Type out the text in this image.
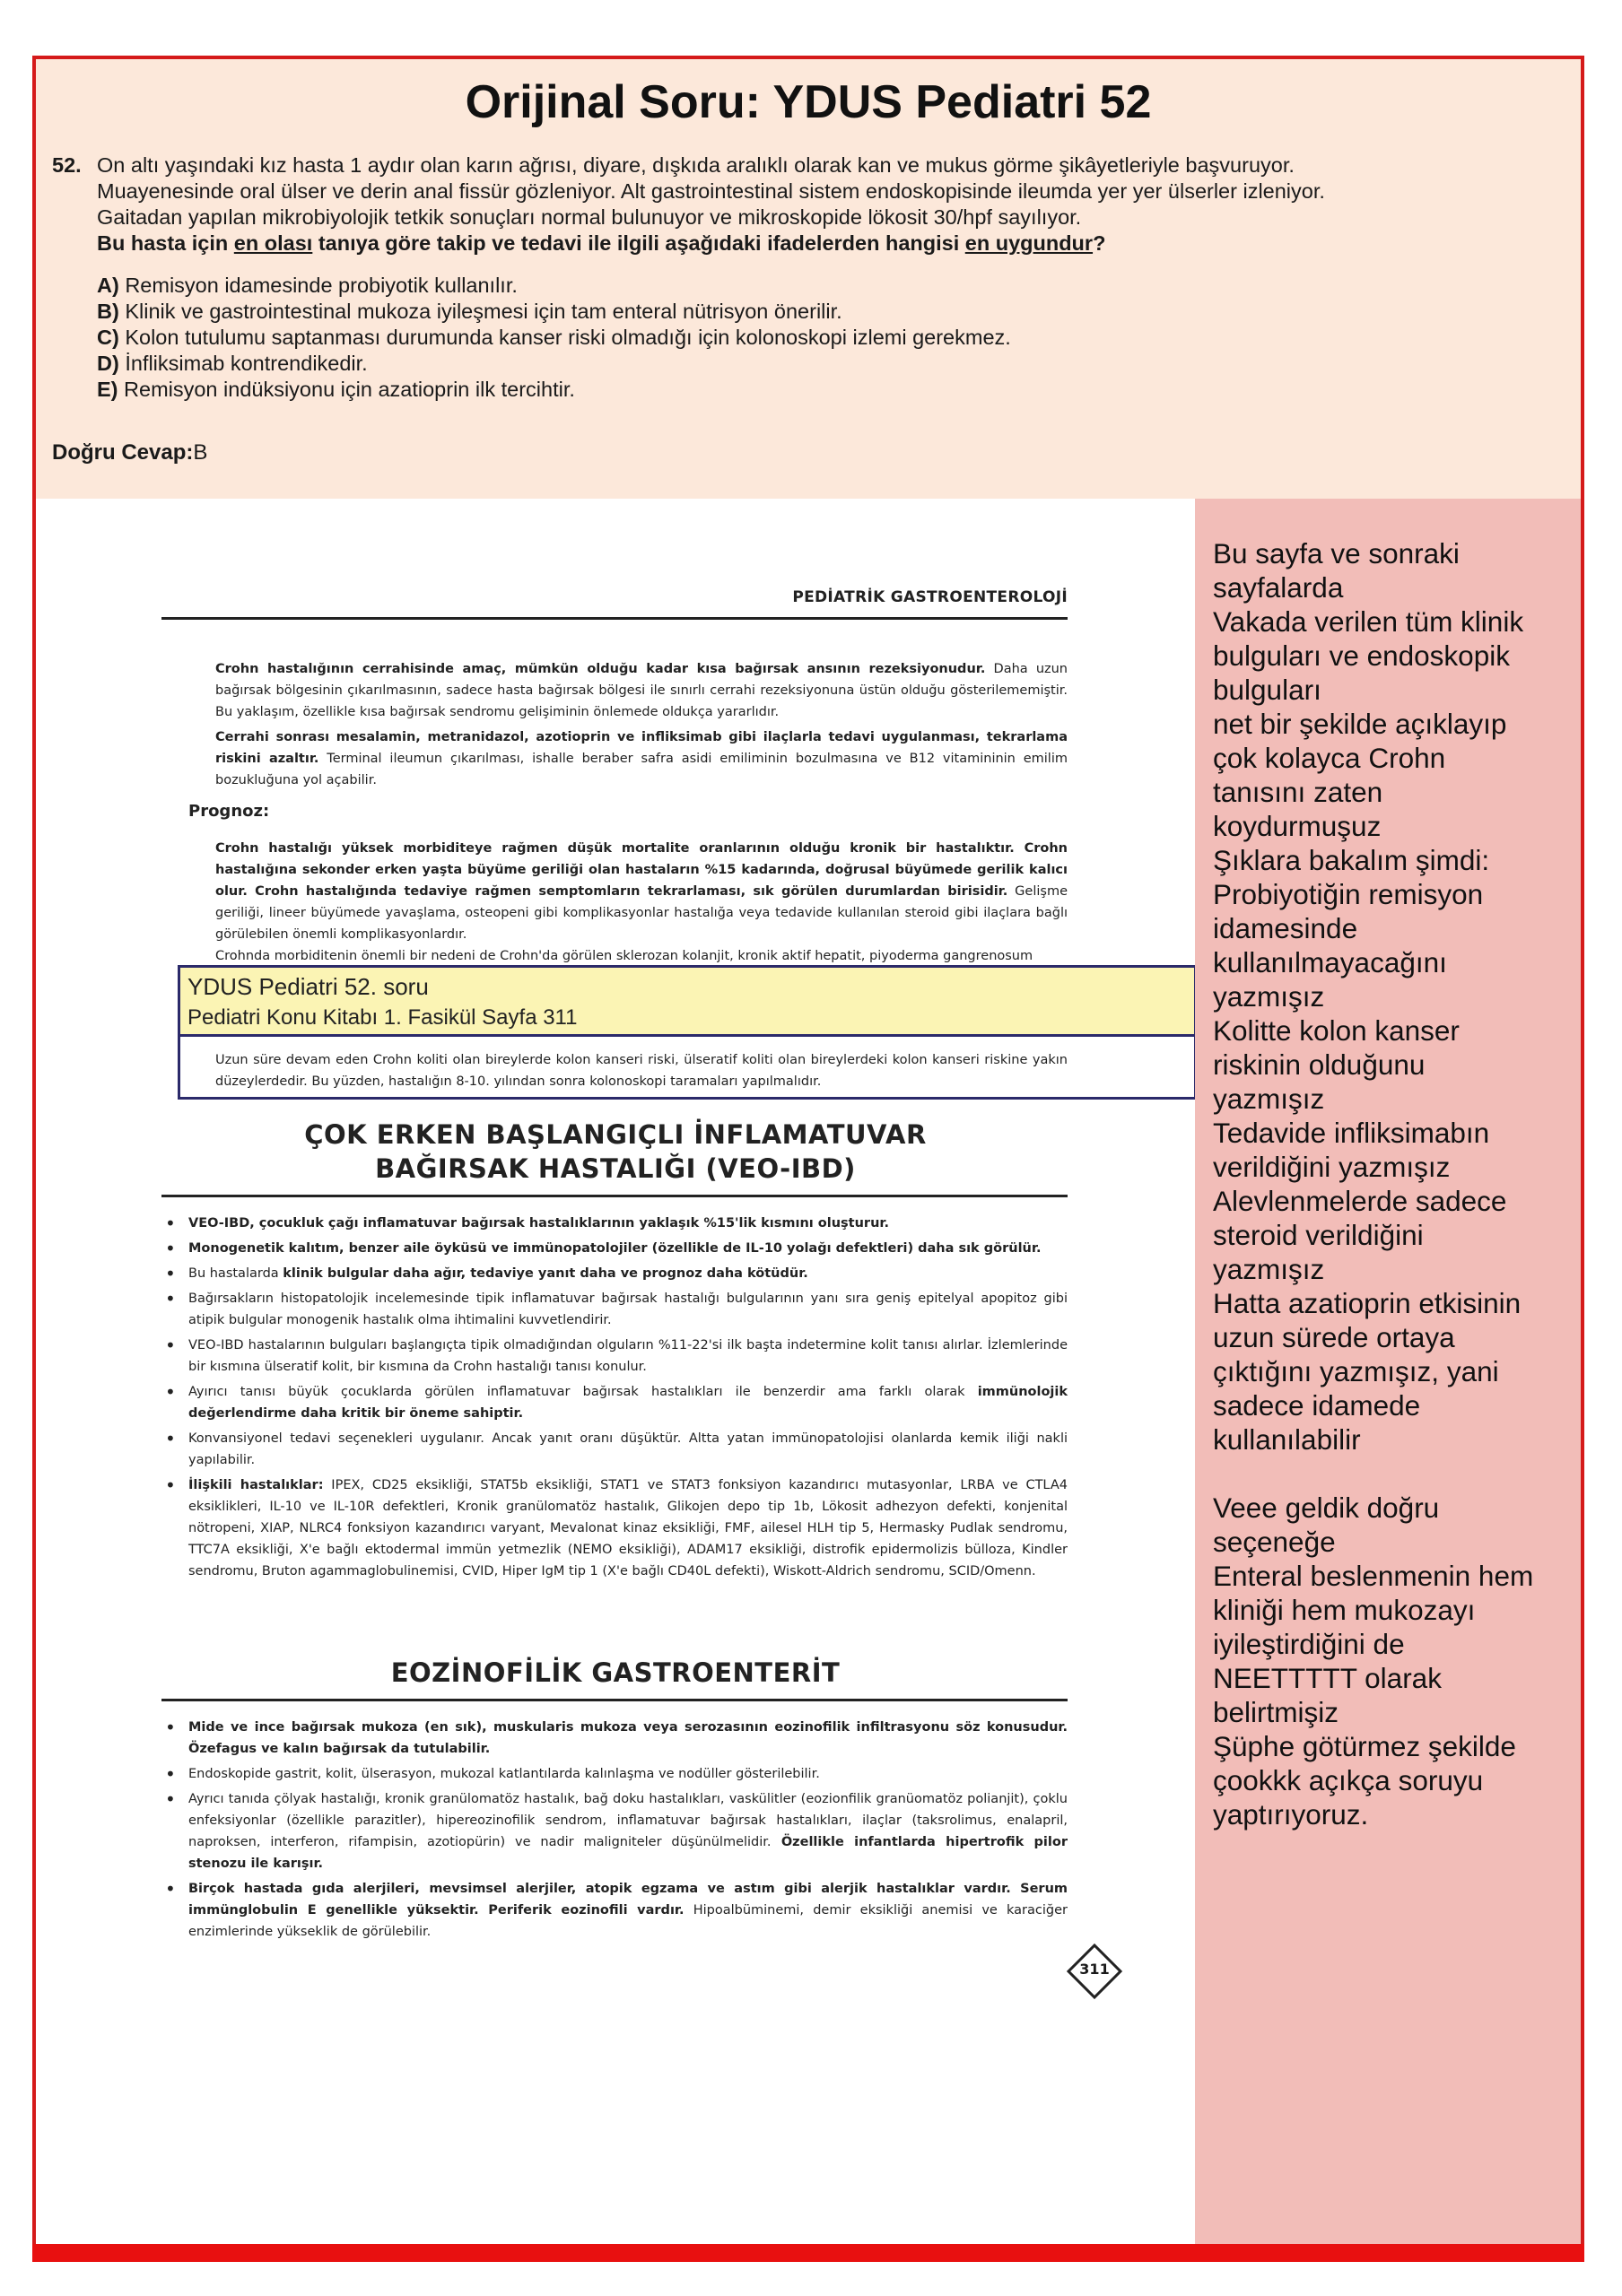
Orijinal Soru: YDUS Pediatri 52
52. On altı yaşındaki kız hasta 1 aydır olan karın ağrısı, diyare, dışkıda aralıklı olarak kan ve mukus görme şikâyetleriyle başvuruyor.
Muayenesinde oral ülser ve derin anal fissür gözleniyor. Alt gastrointestinal sistem endoskopisinde ileumda yer yer ülserler izleniyor.
Gaitadan yapılan mikrobiyolojik tetkik sonuçları normal bulunuyor ve mikroskopide lökosit 30/hpf sayılıyor.
Bu hasta için en olası tanıya göre takip ve tedavi ile ilgili aşağıdaki ifadelerden hangisi en uygundur?
A) Remisyon idamesinde probiyotik kullanılır.
B) Klinik ve gastrointestinal mukoza iyileşmesi için tam enteral nütrisyon önerilir.
C) Kolon tutulumu saptanması durumunda kanser riski olmadığı için kolonoskopi izlemi gerekmez.
D) İnfliksimab kontrendikedir.
E) Remisyon indüksiyonu için azatioprin ilk tercihtir.
Doğru Cevap:B
PEDİATRİK GASTROENTEROLOJİ
Crohn hastalığının cerrahisinde amaç, mümkün olduğu kadar kısa bağırsak ansının rezeksiyonudur. Daha uzun bağırsak bölgesinin çıkarılmasının, sadece hasta bağırsak bölgesi ile sınırlı cerrahi rezeksiyonuna üstün olduğu gösterilememiştir. Bu yaklaşım, özellikle kısa bağırsak sendromu gelişiminin önlemede oldukça yararlıdır.
Cerrahi sonrası mesalamin, metranidazol, azotioprin ve infliksimab gibi ilaçlarla tedavi uygulanması, tekrarlama riskini azaltır. Terminal ileumun çıkarılması, ishalle beraber safra asidi emiliminin bozulmasına ve B12 vitamininin emilim bozukluğuna yol açabilir.
Prognoz:
Crohn hastalığı yüksek morbiditeye rağmen düşük mortalite oranlarının olduğu kronik bir hastalıktır. Crohn hastalığına sekonder erken yaşta büyüme geriliği olan hastaların %15 kadarında, doğrusal büyümede gerilik kalıcı olur. Crohn hastalığında tedaviye rağmen semptomların tekrarlaması, sık görülen durumlardan birisidir. Gelişme geriliği, lineer büyümede yavaşlama, osteopeni gibi komplikasyonlar hastalığa veya tedavide kullanılan steroid gibi ilaçlara bağlı görülebilen önemli komplikasyonlardır.
Crohnda morbiditenin önemli bir nedeni de Crohn'da görülen sklerozan kolanjit, kronik aktif hepatit, piyoderma gangrenosum
YDUS Pediatri 52. soru
Pediatri Konu Kitabı 1. Fasikül Sayfa 311
Uzun süre devam eden Crohn koliti olan bireylerde kolon kanseri riski, ülseratif koliti olan bireylerdeki kolon kanseri riskine yakın düzeylerdedir. Bu yüzden, hastalığın 8-10. yılından sonra kolonoskopi taramaları yapılmalıdır.
ÇOK ERKEN BAŞLANGIÇLI İNFLAMATUVAR
BAĞIRSAK HASTALIĞI (VEO-IBD)
• VEO-IBD, çocukluk çağı inflamatuvar bağırsak hastalıklarının yaklaşık %15'lik kısmını oluşturur.
• Monogenetik kalıtım, benzer aile öyküsü ve immünopatolojiler (özellikle de IL-10 yolağı defektleri) daha sık görülür.
• Bu hastalarda klinik bulgular daha ağır, tedaviye yanıt daha ve prognoz daha kötüdür.
• Bağırsakların histopatolojik incelemesinde tipik inflamatuvar bağırsak hastalığı bulgularının yanı sıra geniş epitelyal apopitoz gibi atipik bulgular monogenik hastalık olma ihtimalini kuvvetlendirir.
• VEO-IBD hastalarının bulguları başlangıçta tipik olmadığından olguların %11-22'si ilk başta indetermine kolit tanısı alırlar. İzlemlerinde bir kısmına ülseratif kolit, bir kısmına da Crohn hastalığı tanısı konulur.
• Ayırıcı tanısı büyük çocuklarda görülen inflamatuvar bağırsak hastalıkları ile benzerdir ama farklı olarak immünolojik değerlendirme daha kritik bir öneme sahiptir.
• Konvansiyonel tedavi seçenekleri uygulanır. Ancak yanıt oranı düşüktür. Altta yatan immünopatolojisi olanlarda kemik iliği nakli yapılabilir.
• İlişkili hastalıklar: IPEX, CD25 eksikliği, STAT5b eksikliği, STAT1 ve STAT3 fonksiyon kazandırıcı mutasyonlar, LRBA ve CTLA4 eksiklikleri, IL-10 ve IL-10R defektleri, Kronik granülomatöz hastalık, Glikojen depo tip 1b, Lökosit adhezyon defekti, konjenital nötropeni, XIAP, NLRC4 fonksiyon kazandırıcı varyant, Mevalonat kinaz eksikliği, FMF, ailesel HLH tip 5, Hermasky Pudlak sendromu, TTC7A eksikliği, X'e bağlı ektodermal immün yetmezlik (NEMO eksikliği), ADAM17 eksikliği, distrofik epidermolizis bülloza, Kindler sendromu, Bruton agammaglobulinemisi, CVID, Hiper IgM tip 1 (X'e bağlı CD40L defekti), Wiskott-Aldrich sendromu, SCID/Omenn.
EOZİNOFİLİK GASTROENTERİT
• Mide ve ince bağırsak mukoza (en sık), muskularis mukoza veya serozasının eozinofilik infiltrasyonu söz konusudur. Özefagus ve kalın bağırsak da tutulabilir.
• Endoskopide gastrit, kolit, ülserasyon, mukozal katlantılarda kalınlaşma ve nodüller gösterilebilir.
• Ayrıcı tanıda çölyak hastalığı, kronik granülomatöz hastalık, bağ doku hastalıkları, vaskülitler (eozionfilik granüomatöz polianjit), çoklu enfeksiyonlar (özellikle parazitler), hipereozinofilik sendrom, inflamatuvar bağırsak hastalıkları, ilaçlar (taksrolimus, enalapril, naproksen, interferon, rifampisin, azotiopürin) ve nadir maligniteler düşünülmelidir. Özellikle infantlarda hipertrofik pilor stenozu ile karışır.
• Birçok hastada gıda alerjileri, mevsimsel alerjiler, atopik egzama ve astım gibi alerjik hastalıklar vardır. Serum immünglobulin E genellikle yüksektir. Periferik eozinofili vardır. Hipoalbüminemi, demir eksikliği anemisi ve karaciğer enzimlerinde yükseklik de görülebilir.
311
Bu sayfa ve sonraki
sayfalarda
Vakada verilen tüm klinik
bulguları ve endoskopik
bulguları
net bir şekilde açıklayıp
çok kolayca Crohn
tanısını zaten
koydurmuşuz
Şıklara bakalım şimdi:
Probiyotiğin remisyon
idamesinde
kullanılmayacağını
yazmışız
Kolitte kolon kanser
riskinin olduğunu
yazmışız
Tedavide infliksimabın
verildiğini yazmışız
Alevlenmelerde sadece
steroid verildiğini
yazmışız
Hatta azatioprin etkisinin
uzun sürede ortaya
çıktığını yazmışız, yani
sadece idamede
kullanılabilir
Veee geldik doğru
seçeneğe
Enteral beslenmenin hem
kliniği hem mukozayı
iyileştirdiğini de
NEETTTTT olarak
belirtmişiz
Şüphe götürmez şekilde
çookkk açıkça soruyu
yaptırıyoruz.
